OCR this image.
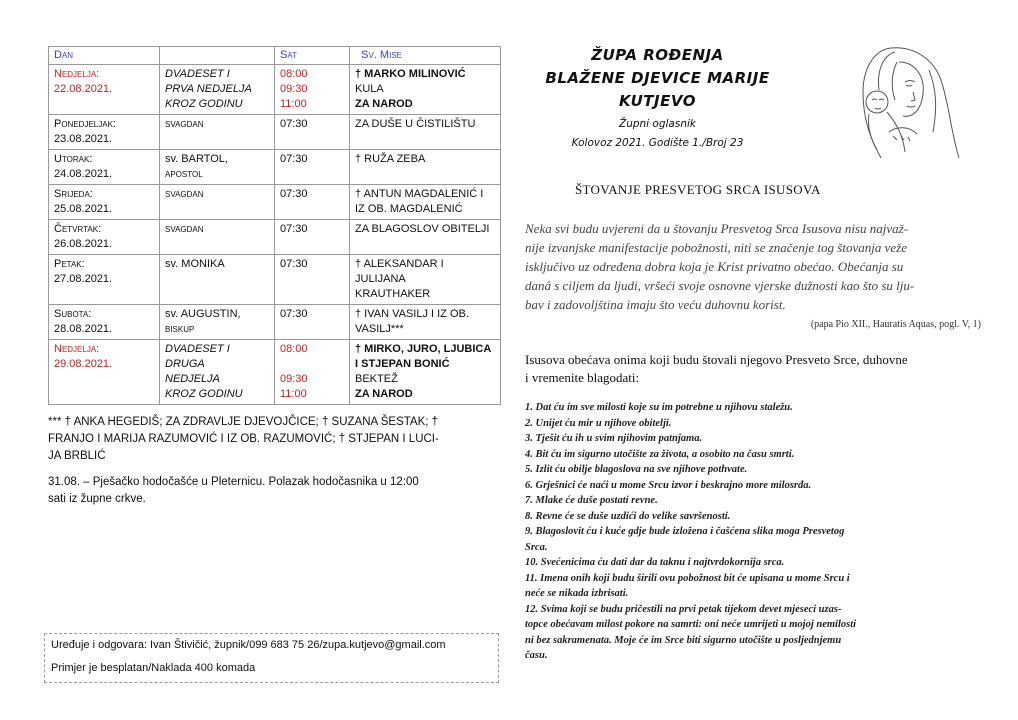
Dan		Sat	Sv. Mise

Nedjelja:
22.08.2021.	DVADESET I
PRVA NEDJELJA
KROZ GODINU	08:00
09:30
11:00	† MARKO MILINOVIĆ
KULA
ZA NAROD

Ponedjeljak:
23.08.2021.	SVAGDAN	07:30	ZA DUŠE U ČISTILIŠTU

Utorak:
24.08.2021.	sv. BARTOL,
APOSTOL	07:30	† RUŽA ZEBA

Srijeda:
25.08.2021.	SVAGDAN	07:30	† ANTUN MAGDALENIĆ I
IZ OB. MAGDALENIĆ

Četvrtak:
26.08.2021.	SVAGDAN	07:30	ZA BLAGOSLOV OBITELJI

Petak:
27.08.2021.	sv. MONIKA	07:30	† ALEKSANDAR I JULIJANA
KRAUTHAKER

Subota:
28.08.2021.	sv. AUGUSTIN,
BISKUP	07:30	† IVAN VASILJ I IZ OB.
VASILJ***

Nedjelja:
29.08.2021.	DVADESET I
DRUGA
NEDJELJA
KROZ GODINU	08:00
09:30
11:00	† MIRKO, JURO, LJUBICA
I STJEPAN BONIĆ
BEKTEŽ
ZA NAROD
*** † ANKA HEGEDIŠ; ZA ZDRAVLJE DJEVOJČICE; † SUZANA ŠESTAK; †
FRANJO I MARIJA RAZUMOVIĆ I IZ OB. RAZUMOVIĆ; † STJEPAN I LUCI-
JA BRBLIĆ
31.08. – Pješačko hodočašće u Pleternicu. Polazak hodočasnika u 12:00
sati iz župne crkve.
Uređuje i odgovara: Ivan Štivičić, župnik/099 683 75 26/zupa.kutjevo@gmail.com
Primjer je besplatan/Naklada 400 komada
ŽUPA ROĐENJA
BLAŽENE DJEVICE MARIJE
KUTJEVO
Župni oglasnik
Kolovoz 2021. Godište 1./Broj 23
ŠTOVANJE PRESVETOG SRCA ISUSOVA
Neka svi budu uvjereni da u štovanju Presvetog Srca Isusova nisu najvaž-
nije izvanjske manifestacije pobožnosti, niti se značenje tog štovanja veže
isključivo uz određena dobra koja je Krist privatno obećao. Obećanja su
danâ s ciljem da ljudi, vršeći svoje osnovne vjerske dužnosti kao što su lju-
bav i zadovoljština imaju što veću duhovnu korist.
(papa Pio XII., Hauratis Aquas, pogl. V, 1)
Isusova obećava onima koji budu štovali njegovo Presveto Srce, duhovne
i vremenite blagodati:
1. Dat ću im sve milosti koje su im potrebne u njihovu staležu.
2. Unijet ću mir u njihove obitelji.
3. Tješit ću ih u svim njihovim patnjama.
4. Bit ću im sigurno utočište za života, a osobito na času smrti.
5. Izlit ću obilje blagoslova na sve njihove pothvate.
6. Grješnici će naći u mome Srcu izvor i beskrajno more milosrđa.
7. Mlake će duše postati revne.
8. Revne će se duše uzdići do velike savršenosti.
9. Blagoslovit ću i kuće gdje bude izložena i čašćena slika moga Presvetog
Srca.
10. Svećenicima ću dati dar da taknu i najtvrdokornija srca.
11. Imena onih koji budu širili ovu pobožnost bit će upisana u mome Srcu i
neće se nikada izbrisati.
12. Svima koji se budu pričestili na prvi petak tijekom devet mjeseci uzas-
topce obećavam milost pokore na samrti: oni neće umrijeti u mojoj nemilosti
ni bez sakramenata. Moje će im Srce biti sigurno utočište u posljednjemu
času.
